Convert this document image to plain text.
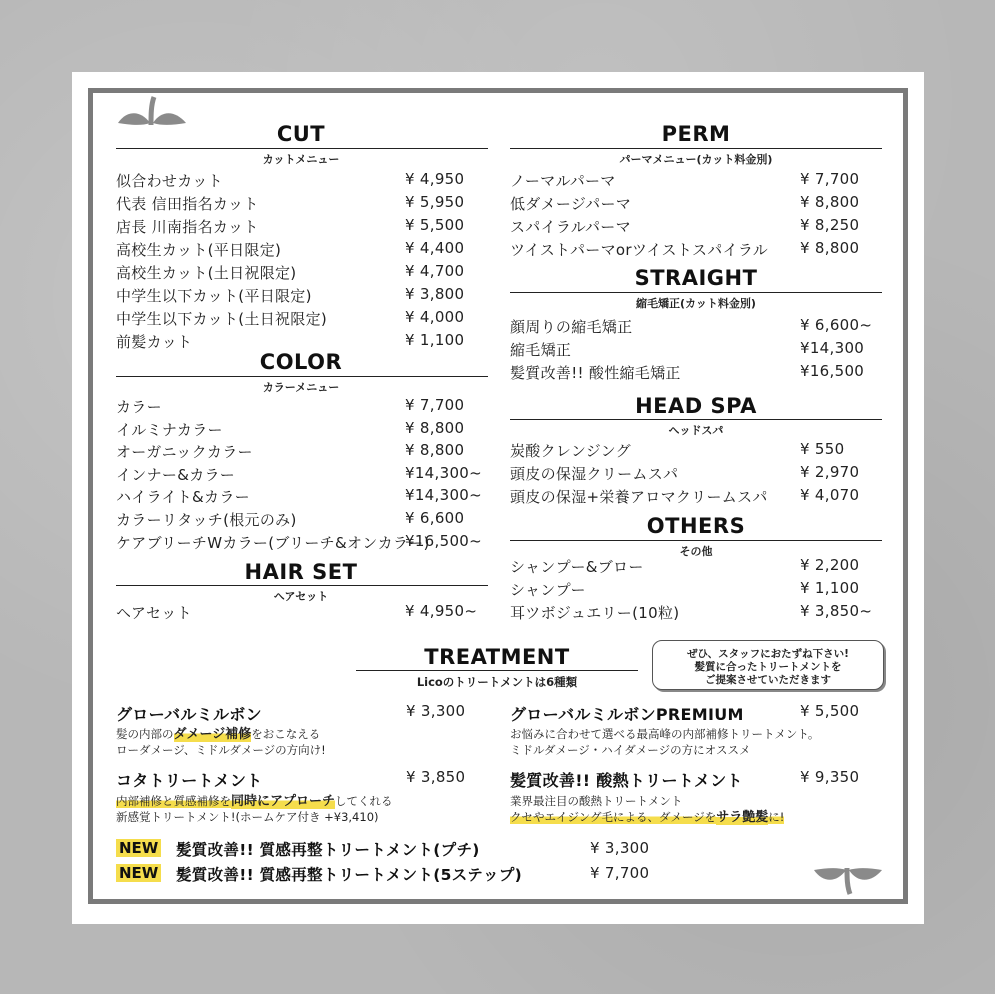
CUT
カットメニュー
似合わせカット	¥ 4,950
代表 信田指名カット	¥ 5,950
店長 川南指名カット	¥ 5,500
高校生カット(平日限定)	¥ 4,400
高校生カット(土日祝限定)	¥ 4,700
中学生以下カット(平日限定)	¥ 3,800
中学生以下カット(土日祝限定)	¥ 4,000
前髪カット	¥ 1,100
COLOR
カラーメニュー
カラー	¥ 7,700
イルミナカラー	¥ 8,800
オーガニックカラー	¥ 8,800
インナー&カラー	¥14,300~
ハイライト&カラー	¥14,300~
カラーリタッチ(根元のみ)	¥ 6,600
ケアブリーチWカラー(ブリーチ&オンカラー)
¥16,500~
HAIR SET
ヘアセット
ヘアセット	¥ 4,950~
PERM
パーマメニュー(カット料金別)
ノーマルパーマ	¥ 7,700
低ダメージパーマ	¥ 8,800
スパイラルパーマ	¥ 8,250
ツイストパーマorツイストスパイラル ¥ 8,800
STRAIGHT
縮毛矯正(カット料金別)
顔周りの縮毛矯正	¥ 6,600~
縮毛矯正	¥14,300
髪質改善!! 酸性縮毛矯正	¥16,500
HEAD SPA
ヘッドスパ
炭酸クレンジング	¥ 550
頭皮の保湿クリームスパ	¥ 2,970
頭皮の保湿+栄養アロマクリームスパ ¥ 4,070
OTHERS
その他
シャンプー&ブロー	¥ 2,200
シャンプー	¥ 1,100
耳ツボジュエリー(10粒)	¥ 3,850~
TREATMENT
Licoのトリートメントは6種類
ぜひ、スタッフにおたずね下さい!
髪質に合ったトリートメントを
ご提案させていただきます
グローバルミルボン	¥ 3,300
髪の内部のダメージ補修をおこなえる
ローダメージ、ミドルダメージの方向け!
グローバルミルボンPREMIUM	¥ 5,500
お悩みに合わせて選べる最高峰の内部補修トリートメント。
ミドルダメージ・ハイダメージの方にオススメ
コタトリートメント	¥ 3,850
内部補修と質感補修を同時にアプローチしてくれる
新感覚トリートメント!(ホームケア付き +¥3,410)
髪質改善!! 酸熱トリートメント	¥ 9,350
業界最注目の酸熱トリートメント
クセやエイジング毛による、ダメージをサラ艶髪に!
NEW 髪質改善!! 質感再整トリートメント(プチ)	¥ 3,300
NEW 髪質改善!! 質感再整トリートメント(5ステップ)	¥ 7,700
